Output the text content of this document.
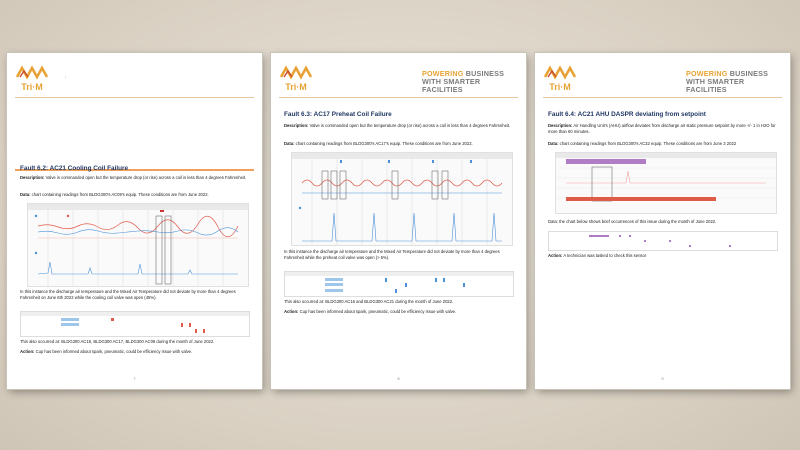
Tri·M
▪
Fault 6.2: AC21 Cooling Coil Failure
Description: Valve is commanded open but the temperature drop (or rise) across a coil is less than 4 degrees Fahrenheit.
Data: chart containing readings from BLDG300's AC09's equip. These conditions are from June 2022.
In this instance the discharge air temperature and the Mixed Air Temperature did not deviate by more than 4 degrees Fahrenheit on June 6th 2022 while the cooling coil valve was open (45%).
This also occurred at: BLDG300 AC18, BLDG300 AC17, BLDG300 AC09 during the month of June 2022.
Action: Cup has been informed about spark, pneumatic, could be efficiency issue with valve.
7
Tri·M
POWERING BUSINESS WITH SMARTER FACILITIES
Fault 6.3: AC17 Preheat Coil Failure
Description: Valve is commanded open but the temperature drop (or rise) across a coil is less than 4 degrees Fahrenheit.
Data: chart containing readings from BLDG300's AC17's equip. These conditions are from June 2022.
In this instance the discharge air temperature and the Mixed Air Temperature did not deviate by more than 4 degrees Fahrenheit while the preheat coil valve was open (> 5%).
This also occurred at: BLDG300 AC16 and BLDG300 AC21 during the month of June 2022.
Action: Cup has been informed about spark, pneumatic, could be efficiency issue with valve.
8
Tri·M
POWERING BUSINESS WITH SMARTER FACILITIES
Fault 6.4: AC21 AHU DASPR deviating from setpoint
Description: Air Handling Unit's (AHU) airflow deviates from discharge air static pressure setpoint by more +/- 1 in H2O for more than 60 minutes.
Data: chart containing readings from BLDG300's AC32 equip. These conditions are from June 3 2022
Data: the chart below shows brief occurrences of this issue during the month of June 2022.
Action: A technician was tasked to check this sensor
9
